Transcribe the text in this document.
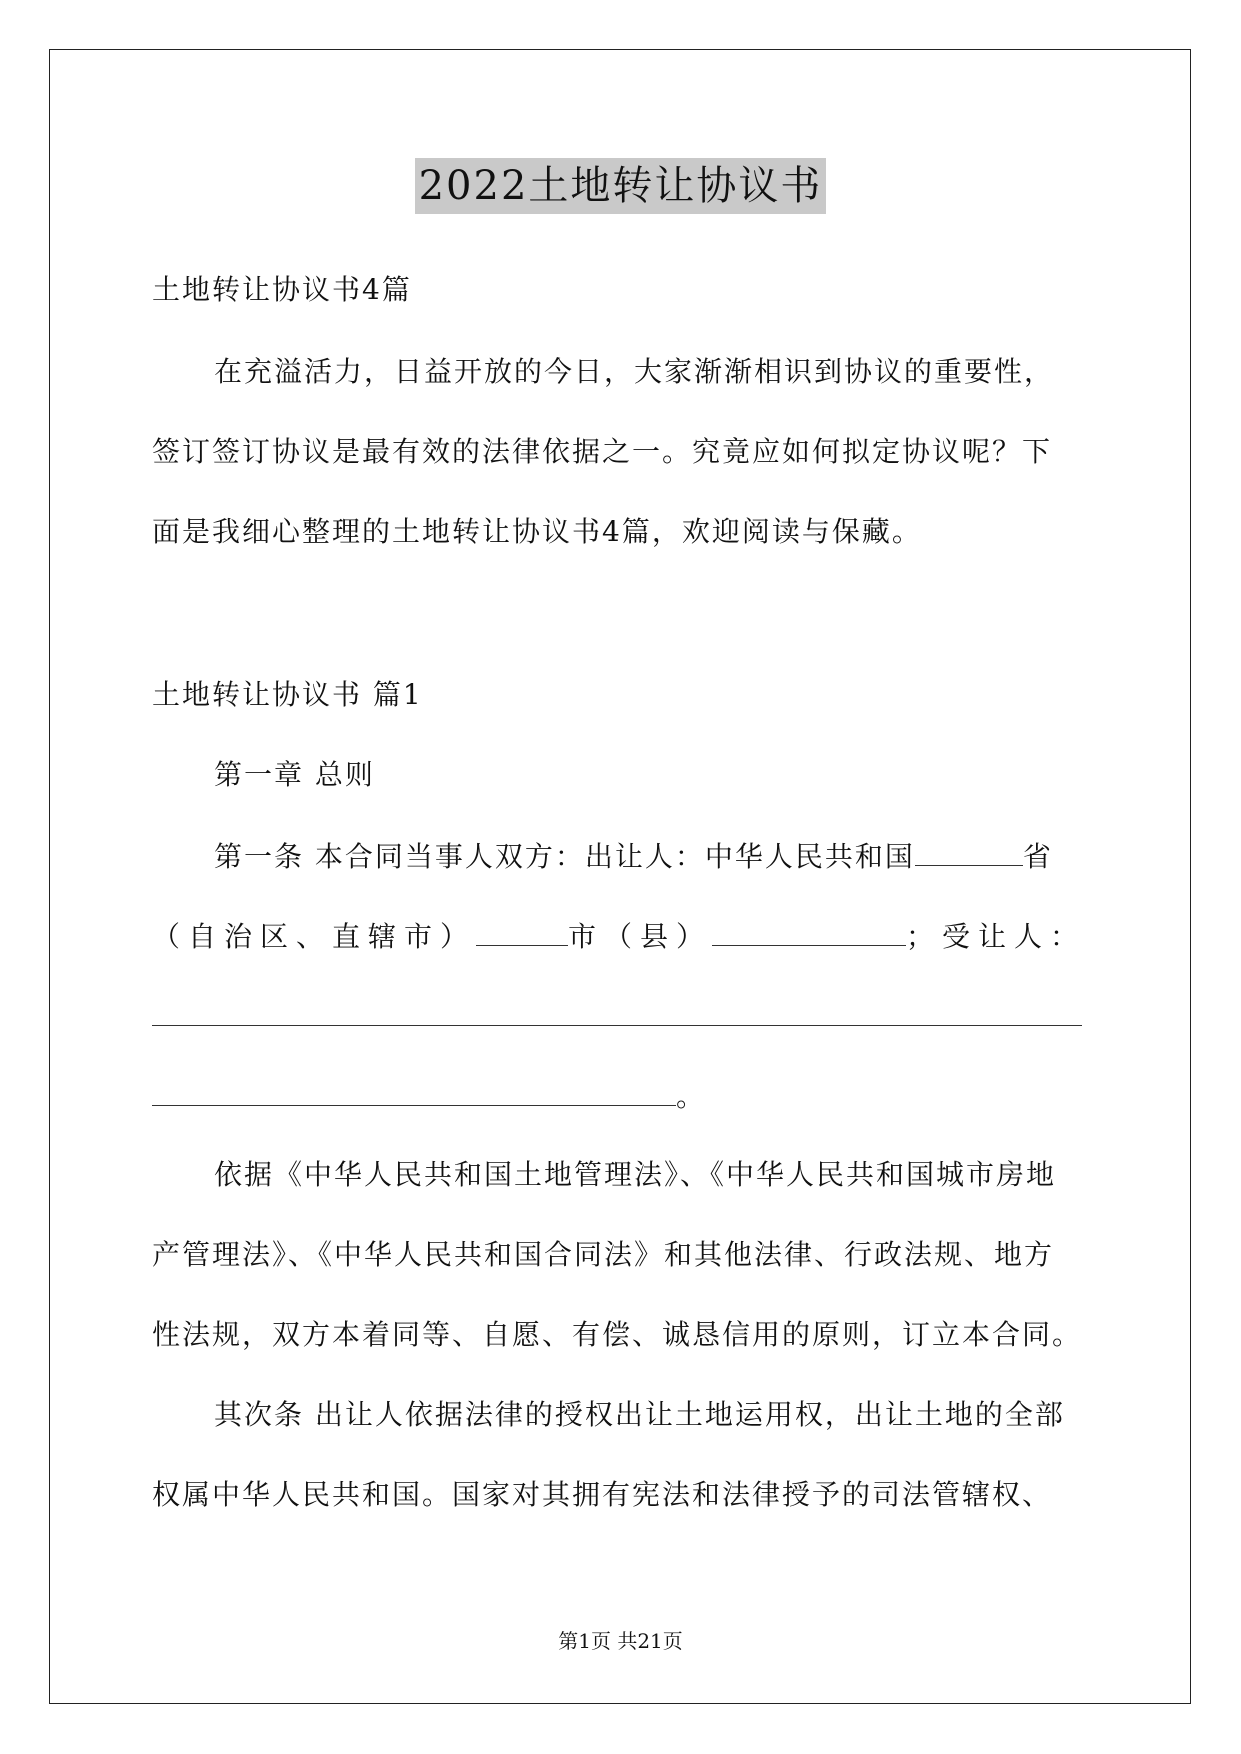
2022土地转让协议书
土地转让协议书4篇
在充溢活力，日益开放的今日，大家渐渐相识到协议的重要性，
签订签订协议是最有效的法律依据之一。究竟应如何拟定协议呢？下
面是我细心整理的土地转让协议书4篇，欢迎阅读与保藏。
土地转让协议书 篇1
第一章 总则
第一条 本合同当事人双方：出让人：中华人民共和国	省
（自治区、直辖市）	市（县）	；受让人：
。
依据《中华人民共和国土地管理法》、《中华人民共和国城市房地
产管理法》、《中华人民共和国合同法》和其他法律、行政法规、地方
性法规，双方本着同等、自愿、有偿、诚恳信用的原则，订立本合同。
其次条 出让人依据法律的授权出让土地运用权，出让土地的全部
权属中华人民共和国。国家对其拥有宪法和法律授予的司法管辖权、
第1页 共21页
